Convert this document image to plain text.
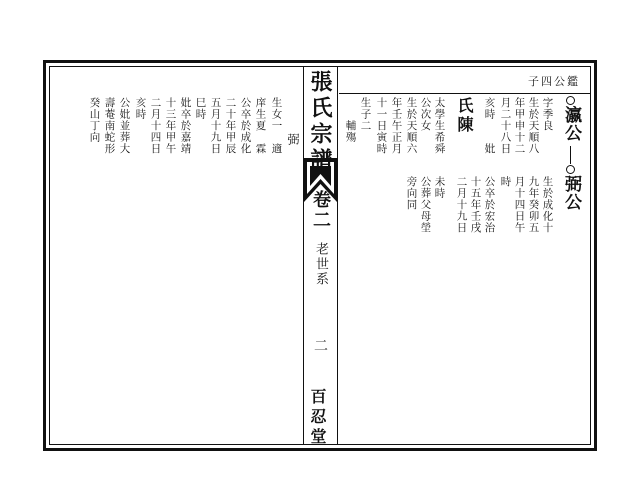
張氏宗譜
卷二
老世系
二
百忍堂
子四公鑑
瀛公
弼公
氏陳	字季良
生於天順八
年甲申十二
月二十八日
亥時　　妣
太學生希舜
公次女
生於天順六
年壬午正月
十一日寅時
生子二
　　輔殤
生於成化十
九年癸卯五
月十四日午
時
公卒於宏治
十五年壬戌
二月十九日
未時
公葬父母塋
旁向同
弼
生女一　適
庠生夏　霖
公卒於成化
二十年甲辰
五月十九日
巳時
妣卒於嘉靖
十三年甲午
二月十四日
亥時
公妣並葬大
壽菴南蛇形
癸山丁向
